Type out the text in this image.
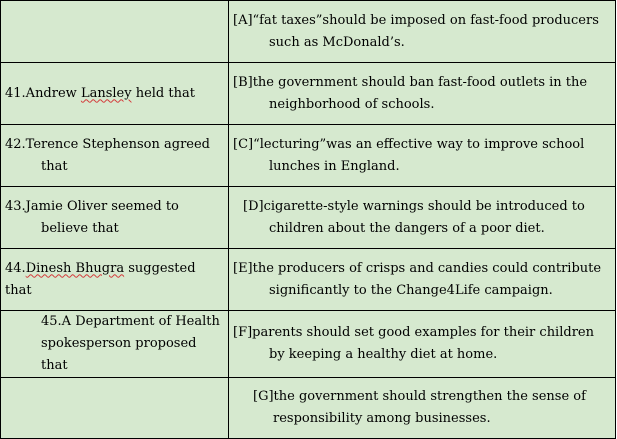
	[A]“fat taxes”should be imposed on fast-food producers
such as McDonald’s.

41.Andrew Lansley held that	[B]the government should ban fast-food outlets in the
neighborhood of schools.

42.Terence Stephenson agreed
that	[C]“lecturing”was an effective way to improve school
lunches in England.

43.Jamie Oliver seemed to
believe that	[D]cigarette-style warnings should be introduced to
children about the dangers of a poor diet.

44.Dinesh Bhugra suggested that	[E]the producers of crisps and candies could contribute
significantly to the Change4Life campaign.

45.A Department of Health
spokesperson proposed that	[F]parents should set good examples for their children
by keeping a healthy diet at home.

	[G]the government should strengthen the sense of
responsibility among businesses.
